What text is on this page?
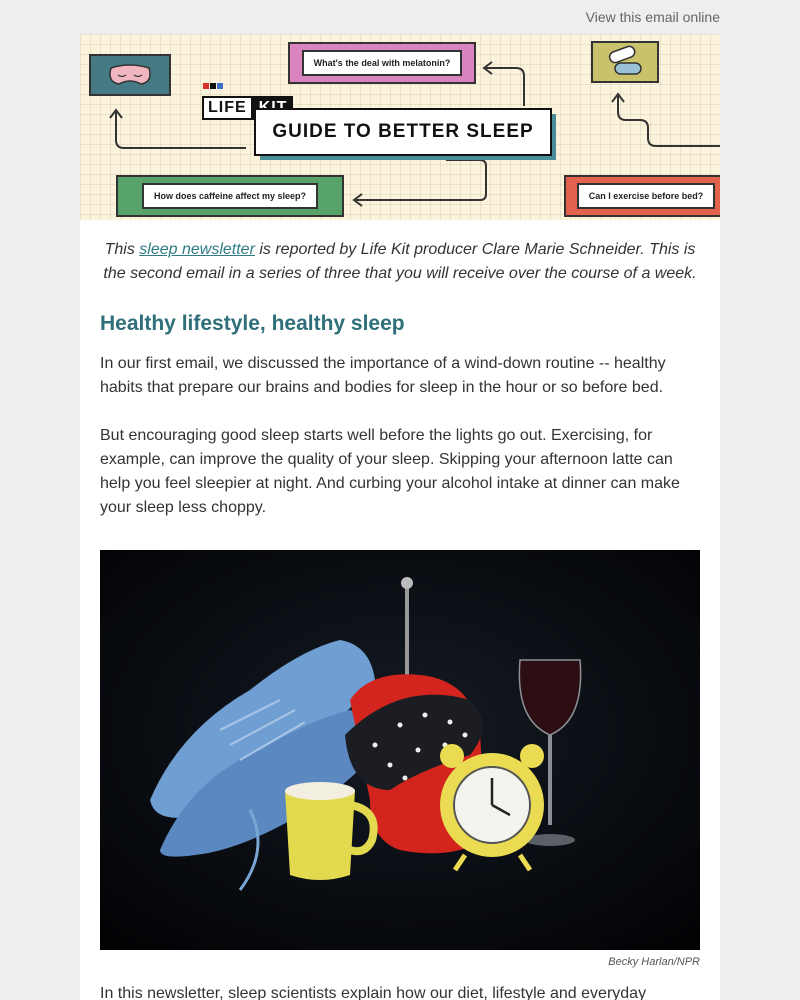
View this email online
What's the deal with melatonin?
LIFE
GUIDE TO BETTER SLEEP
How does caffeine affect my sleep?	Can I exercise before bed?

This sleep newsletter is reported by Life Kit producer Clare Marie Schneider. This is the second email in a series of three that you will receive over the course of a week.

Healthy lifestyle, healthy sleep

In our first email, we discussed the importance of a wind-down routine -- healthy habits that prepare our brains and bodies for sleep in the hour or so before bed.

But encouraging good sleep starts well before the lights go out. Exercising, for example, can improve the quality of your sleep. Skipping your afternoon latte can help you feel sleepier at night. And curbing your alcohol intake at dinner can make your sleep less choppy.

Becky Harlan/NPR

In this newsletter, sleep scientists explain how our diet, lifestyle and everyday
